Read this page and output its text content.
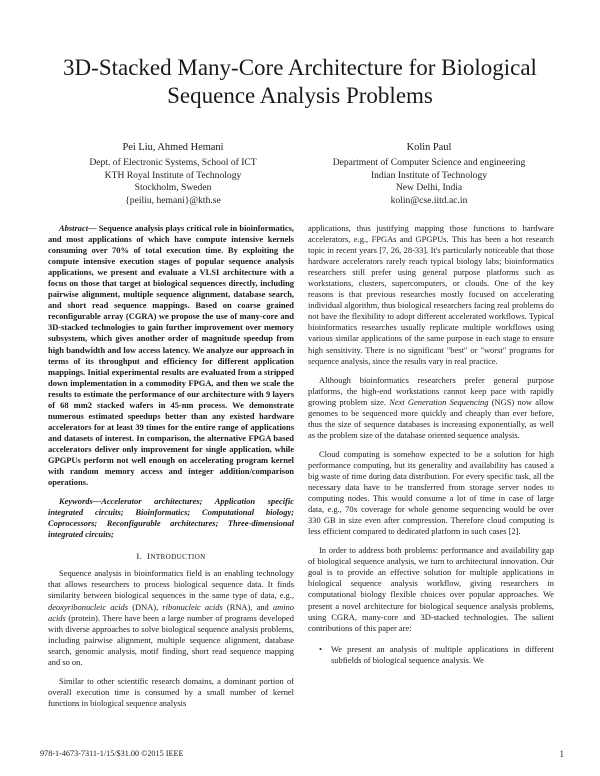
3D-Stacked Many-Core Architecture for Biological Sequence Analysis Problems
Pei Liu, Ahmed Hemani
Dept. of Electronic Systems, School of ICT
KTH Royal Institute of Technology
Stockholm, Sweden
{peiliu, hemani}@kth.se
Kolin Paul
Department of Computer Science and engineering
Indian Institute of Technology
New Delhi, India
kolin@cse.iitd.ac.in

Abstract— Sequence analysis plays critical role in bioinformatics, and most applications of which have compute intensive kernels consuming over 70% of total execution time. By exploiting the compute intensive execution stages of popular sequence analysis applications, we present and evaluate a VLSI architecture with a focus on those that target at biological sequences directly, including pairwise alignment, multiple sequence alignment, database search, and short read sequence mappings. Based on coarse grained reconfigurable array (CGRA) we propose the use of many-core and 3D-stacked technologies to gain further improvement over memory subsystem, which gives another order of magnitude speedup from high bandwidth and low access latency. We analyze our approach in terms of its throughput and efficiency for different application mappings. Initial experimental results are evaluated from a stripped down implementation in a commodity FPGA, and then we scale the results to estimate the performance of our architecture with 9 layers of 68 mm2 stacked wafers in 45-nm process. We demonstrate numerous estimated speedups better than any existed hardware accelerators for at least 39 times for the entire range of applications and datasets of interest. In comparison, the alternative FPGA based accelerators deliver only improvement for single application, while GPGPUs perform not well enough on accelerating program kernel with random memory access and integer addition/comparison operations.

Keywords—Accelerator architectures; Application specific integrated circuits; Bioinformatics; Computational biology; Coprocessors; Reconfigurable architectures; Three-dimensional integrated circuits;

I. INTRODUCTION

Sequence analysis in bioinformatics field is an enabling technology that allows researchers to process biological sequence data. It finds similarity between biological sequences in the same type of data, e.g., deoxyribonucleic acids (DNA), ribonucleic acids (RNA), and amino acids (protein). There have been a large number of programs developed with diverse approaches to solve biological sequence analysis problems, including pairwise alignment, multiple sequence alignment, database search, genomic analysis, motif finding, short read sequence mapping and so on.

Similar to other scientific research domains, a dominant portion of overall execution time is consumed by a small number of kernel functions in biological sequence analysis

applications, thus justifying mapping those functions to hardware accelerators, e.g., FPGAs and GPGPUs. This has been a hot research topic in recent years [7, 26, 28-33]. It's particularly noticeable that those hardware accelerators rarely reach typical biology labs; bioinformatics researchers still prefer using general purpose platforms such as workstations, clusters, supercomputers, or clouds. One of the key reasons is that previous researches mostly focused on accelerating individual algorithm, thus biological researchers facing real problems do not have the flexibility to adopt different accelerated workflows. Typical bioinformatics researches usually replicate multiple workflows using various similar applications of the same purpose in each stage to ensure high sensitivity. There is no significant "best" or "worst" programs for sequence analysis, since the results vary in real practice.

Although bioinformatics researchers prefer general purpose platforms, the high-end workstations cannot keep pace with rapidly growing problem size. Next Generation Sequencing (NGS) now allow genomes to be sequenced more quickly and cheaply than ever before, thus the size of sequence databases is increasing exponentially, as well as the problem size of the database oriented sequence analysis.

Cloud computing is somehow expected to be a solution for high performance computing, but its generality and availability has caused a big waste of time during data distribution. For every specific task, all the necessary data have to be transferred from storage server nodes to computing nodes. This would consume a lot of time in case of large data, e.g., 70x coverage for whole genome sequencing would be over 330 GB in size even after compression. Therefore cloud computing is less efficient compared to dedicated platform in such cases [2].

In order to address both problems: performance and availability gap of biological sequence analysis, we turn to architectural innovation. Our goal is to provide an effective solution for multiple applications in biological sequence analysis workflow, giving researchers in computational biology flexible choices over popular approaches. We present a novel architecture for biological sequence analysis problems, using CGRA, many-core and 3D-stacked technologies. The salient contributions of this paper are:

•	We present an analysis of multiple applications in different subfields of biological sequence analysis. We
978-1-4673-7311-1/15/$31.00 ©2015 IEEE	1
